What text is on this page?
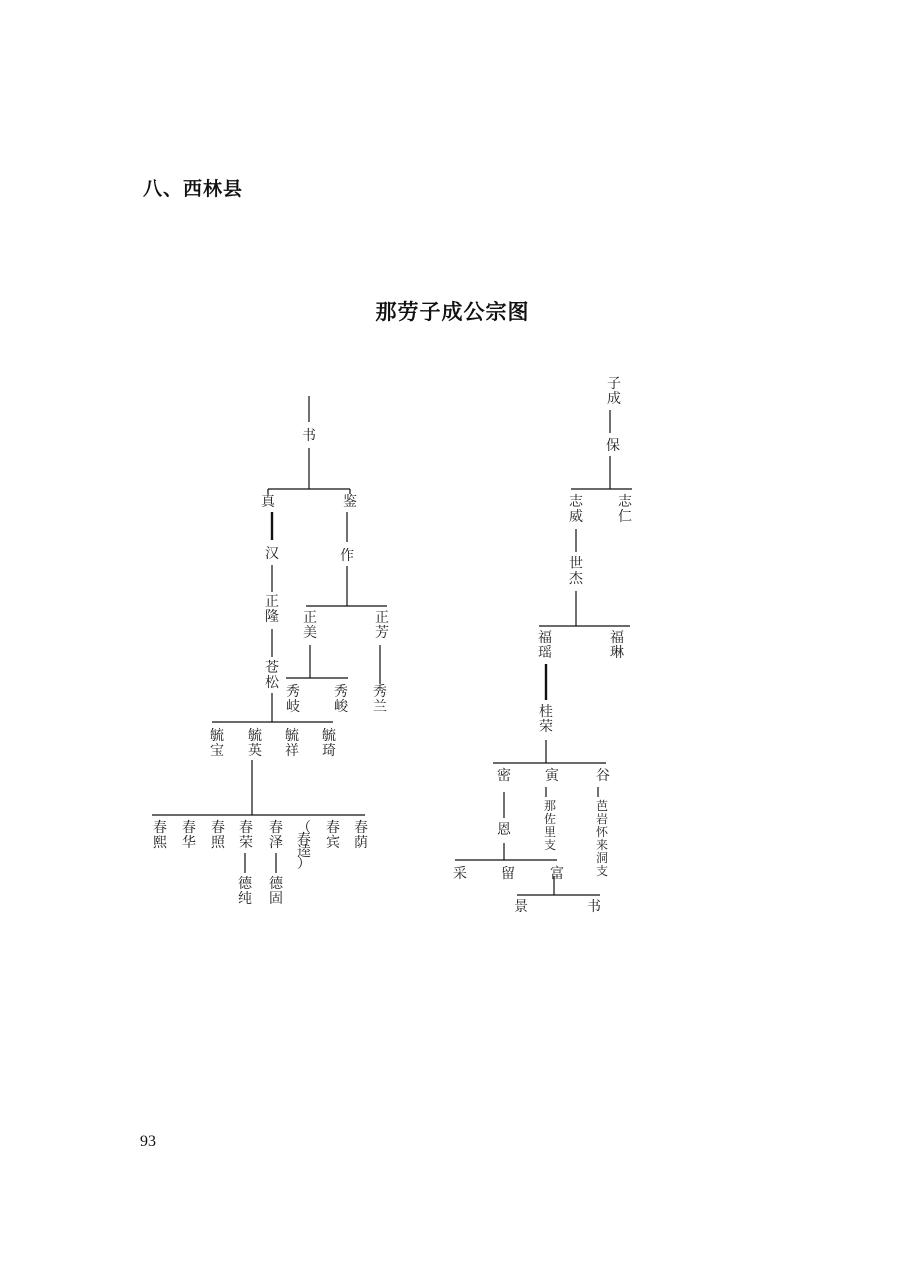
八、西林县
那劳子成公宗图
书
真	鉴
汉
正隆
苍松
作
正美
正芳
秀岐
秀峻
秀兰
毓宝
毓英
毓祥
毓琦
春熙
春华
春照
春荣
春泽
（春逵）
春宾
春荫
德纯
德固
子成
保
志威
志仁
世杰
福瑶
福琳
桂荣
密 寅	谷
恩
那佐里支
芭岩怀来洞支
采 留	富
景	书
93
